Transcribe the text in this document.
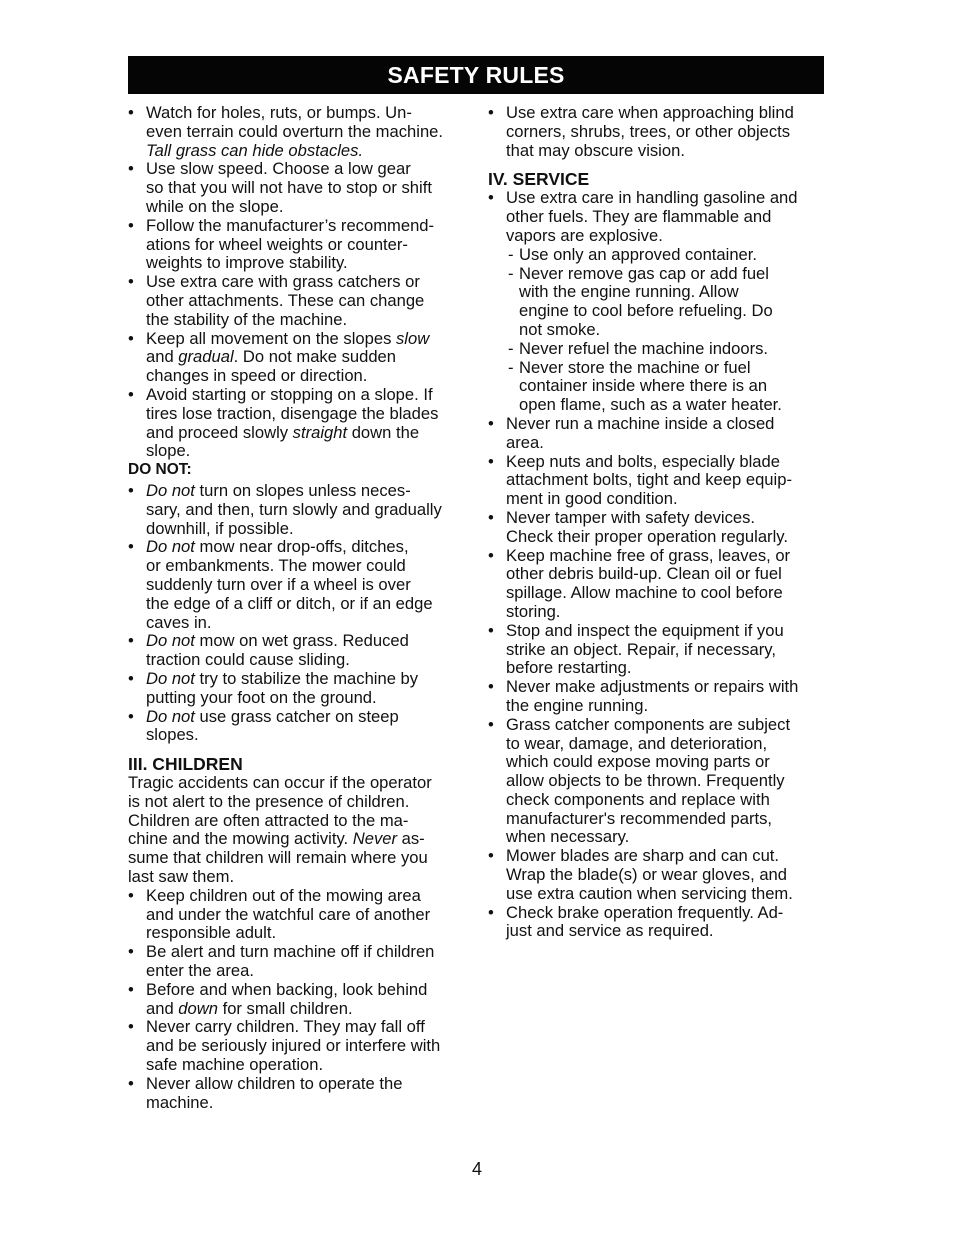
SAFETY RULES
• Watch for holes, ruts, or bumps. Un-
even terrain could overturn the machine.
Tall grass can hide obstacles.
• Use slow speed. Choose a low gear
so that you will not have to stop or shift
while on the slope.
• Follow the manufacturer’s recommend-
ations for wheel weights or counter-
weights to improve stability.
• Use extra care with grass catchers or
other attachments. These can change
the stability of the machine.
• Keep all movement on the slopes slow
and gradual. Do not make sudden
changes in speed or direction.
• Avoid starting or stopping on a slope. If
tires lose traction, disengage the blades
and proceed slowly straight down the
slope.
DO NOT:
• Do not turn on slopes unless neces-
sary, and then, turn slowly and gradually
downhill, if possible.
• Do not mow near drop-offs, ditches,
or embankments. The mower could
suddenly turn over if a wheel is over
the edge of a cliff or ditch, or if an edge
caves in.
• Do not mow on wet grass. Reduced
traction could cause sliding.
• Do not try to stabilize the machine by
putting your foot on the ground.
• Do not use grass catcher on steep
slopes.
III. CHILDREN
Tragic accidents can occur if the operator
is not alert to the presence of children.
Children are often attracted to the ma-
chine and the mowing activity. Never as-
sume that children will remain where you
last saw them.
• Keep children out of the mowing area
and under the watchful care of another
responsible adult.
• Be alert and turn machine off if children
enter the area.
• Before and when backing, look behind
and down for small children.
• Never carry children. They may fall off
and be seriously injured or interfere with
safe machine operation.
• Never allow children to operate the
machine.
• Use extra care when approaching blind
corners, shrubs, trees, or other objects
that may obscure vision.
IV. SERVICE
• Use extra care in handling gasoline and
other fuels. They are flammable and
vapors are explosive.
- Use only an approved container.
- Never remove gas cap or add fuel
with the engine running. Allow
engine to cool before refueling. Do
not smoke.
- Never refuel the machine indoors.
- Never store the machine or fuel
container inside where there is an
open flame, such as a water heater.
• Never run a machine inside a closed
area.
• Keep nuts and bolts, especially blade
attachment bolts, tight and keep equip-
ment in good condition.
• Never tamper with safety devices.
Check their proper operation regularly.
• Keep machine free of grass, leaves, or
other debris build-up. Clean oil or fuel
spillage. Allow machine to cool before
storing.
• Stop and inspect the equipment if you
strike an object. Repair, if necessary,
before restarting.
• Never make adjustments or repairs with
the engine running.
• Grass catcher components are subject
to wear, damage, and deterioration,
which could expose moving parts or
allow objects to be thrown. Frequently
check components and replace with
manufacturer's recommended parts,
when necessary.
• Mower blades are sharp and can cut.
Wrap the blade(s) or wear gloves, and
use extra caution when servicing them.
• Check brake operation frequently. Ad-
just and service as required.
4
